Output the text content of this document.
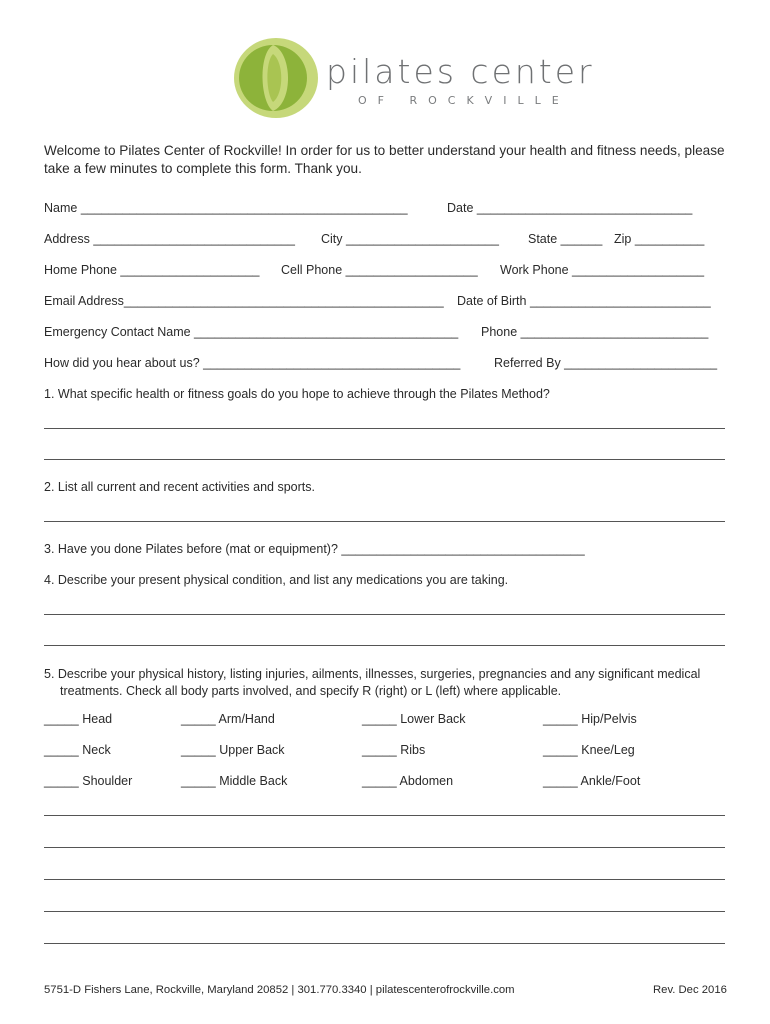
pilates center
OF ROCKVILLE
Welcome to Pilates Center of Rockville! In order for us to better understand your health and fitness needs, please take a few minutes to complete this form. Thank you.
Name _______________________________________________	Date _______________________________
Address _____________________________ City ______________________ State ______ Zip __________
Home Phone ____________________ Cell Phone ___________________ Work Phone ___________________
Email Address______________________________________________ Date of Birth __________________________
Emergency Contact Name ______________________________________ Phone ___________________________
How did you hear about us? _____________________________________	Referred By ______________________
1. What specific health or fitness goals do you hope to achieve through the Pilates Method?
2. List all current and recent activities and sports.
3. Have you done Pilates before (mat or equipment)? ___________________________________
4. Describe your present physical condition, and list any medications you are taking.
5. Describe your physical history, listing injuries, ailments, illnesses, surgeries, pregnancies and any significant medical
treatments. Check all body parts involved, and specify R (right) or L (left) where applicable.
_____ Head	_____ Arm/Hand	_____ Lower Back	_____ Hip/Pelvis
_____ Neck	_____ Upper Back	_____ Ribs	_____ Knee/Leg
_____ Shoulder	_____ Middle Back	_____ Abdomen	_____ Ankle/Foot
5751-D Fishers Lane, Rockville, Maryland 20852 | 301.770.3340 | pilatescenterofrockville.com	Rev. Dec 2016
